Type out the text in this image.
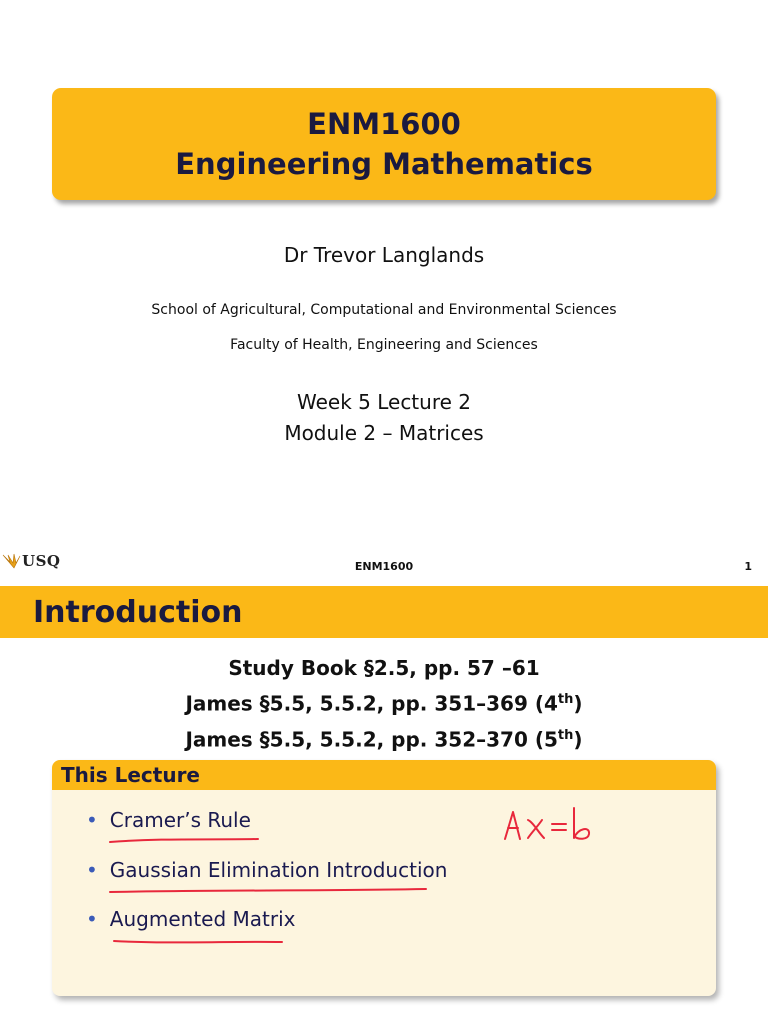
ENM1600
Engineering Mathematics
Dr Trevor Langlands
School of Agricultural, Computational and Environmental Sciences
Faculty of Health, Engineering and Sciences
Week 5 Lecture 2
Module 2 – Matrices
USQ	ENM1600	1
Introduction
Study Book §2.5, pp. 57 –61
James §5.5, 5.5.2, pp. 351–369 (4th)
James §5.5, 5.5.2, pp. 352–370 (5th)
This Lecture
• Cramer’s Rule
• Gaussian Elimination Introduction
• Augmented Matrix
Ax=b
